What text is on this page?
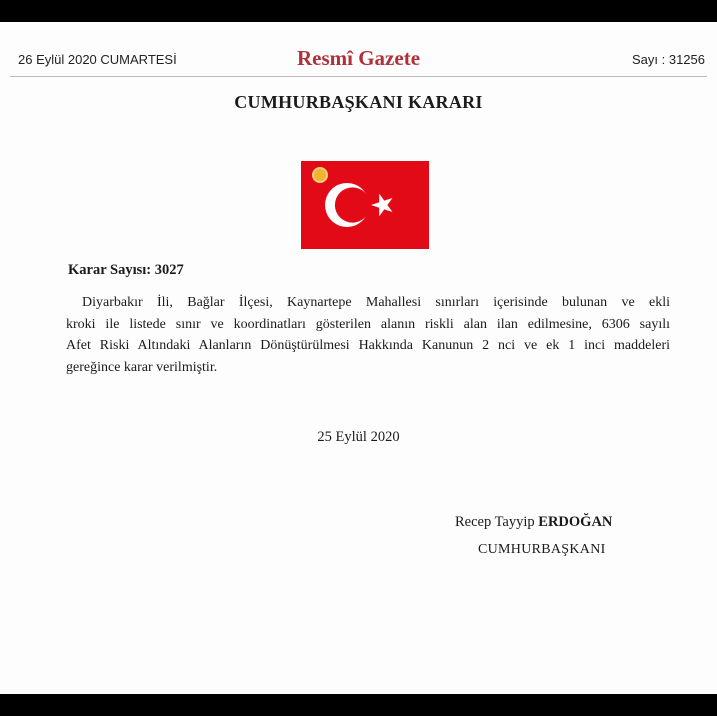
26 Eylül 2020 CUMARTESİ	Resmî Gazete	Sayı : 31256
CUMHURBAŞKANI KARARI
Karar Sayısı: 3027
Diyarbakır İli, Bağlar İlçesi, Kaynartepe Mahallesi sınırları içerisinde bulunan ve ekli
kroki ile listede sınır ve koordinatları gösterilen alanın riskli alan ilan edilmesine, 6306 sayılı
Afet Riski Altındaki Alanların Dönüştürülmesi Hakkında Kanunun 2 nci ve ek 1 inci maddeleri
gereğince karar verilmiştir.
25 Eylül 2020
Recep Tayyip ERDOĞAN
CUMHURBAŞKANI
